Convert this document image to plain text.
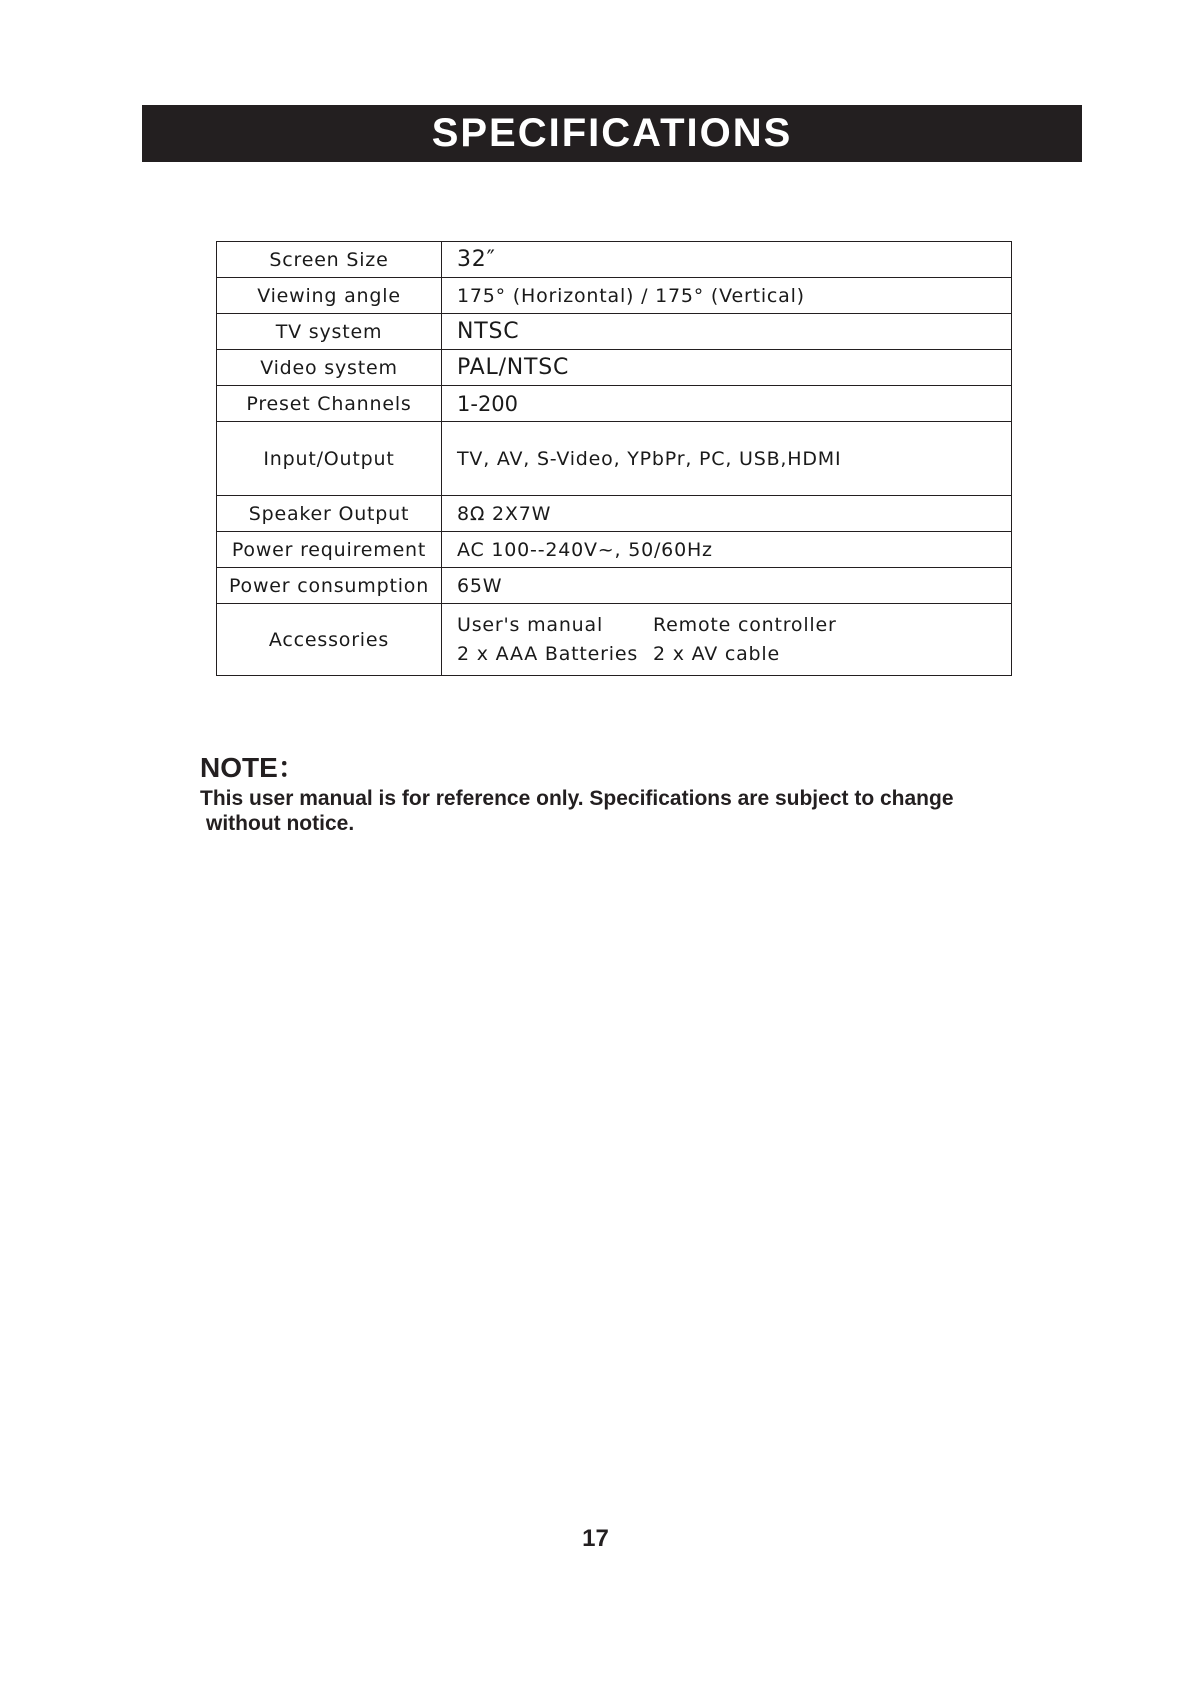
SPECIFICATIONS
Screen Size	32″
Viewing angle	175° (Horizontal) / 175° (Vertical)
TV system	NTSC
Video system	PAL/NTSC
Preset Channels	1-200
Input/Output	TV, AV, S-Video, YPbPr, PC, USB,HDMI
Speaker Output	8Ω 2X7W
Power requirement	AC 100--240V~, 50/60Hz
Power consumption	65W
Accessories	User's manual Remote controller
2 x AAA Batteries 2 x AV cable
NOTE：
This user manual is for reference only. Specifications are subject to change
without notice.
17
